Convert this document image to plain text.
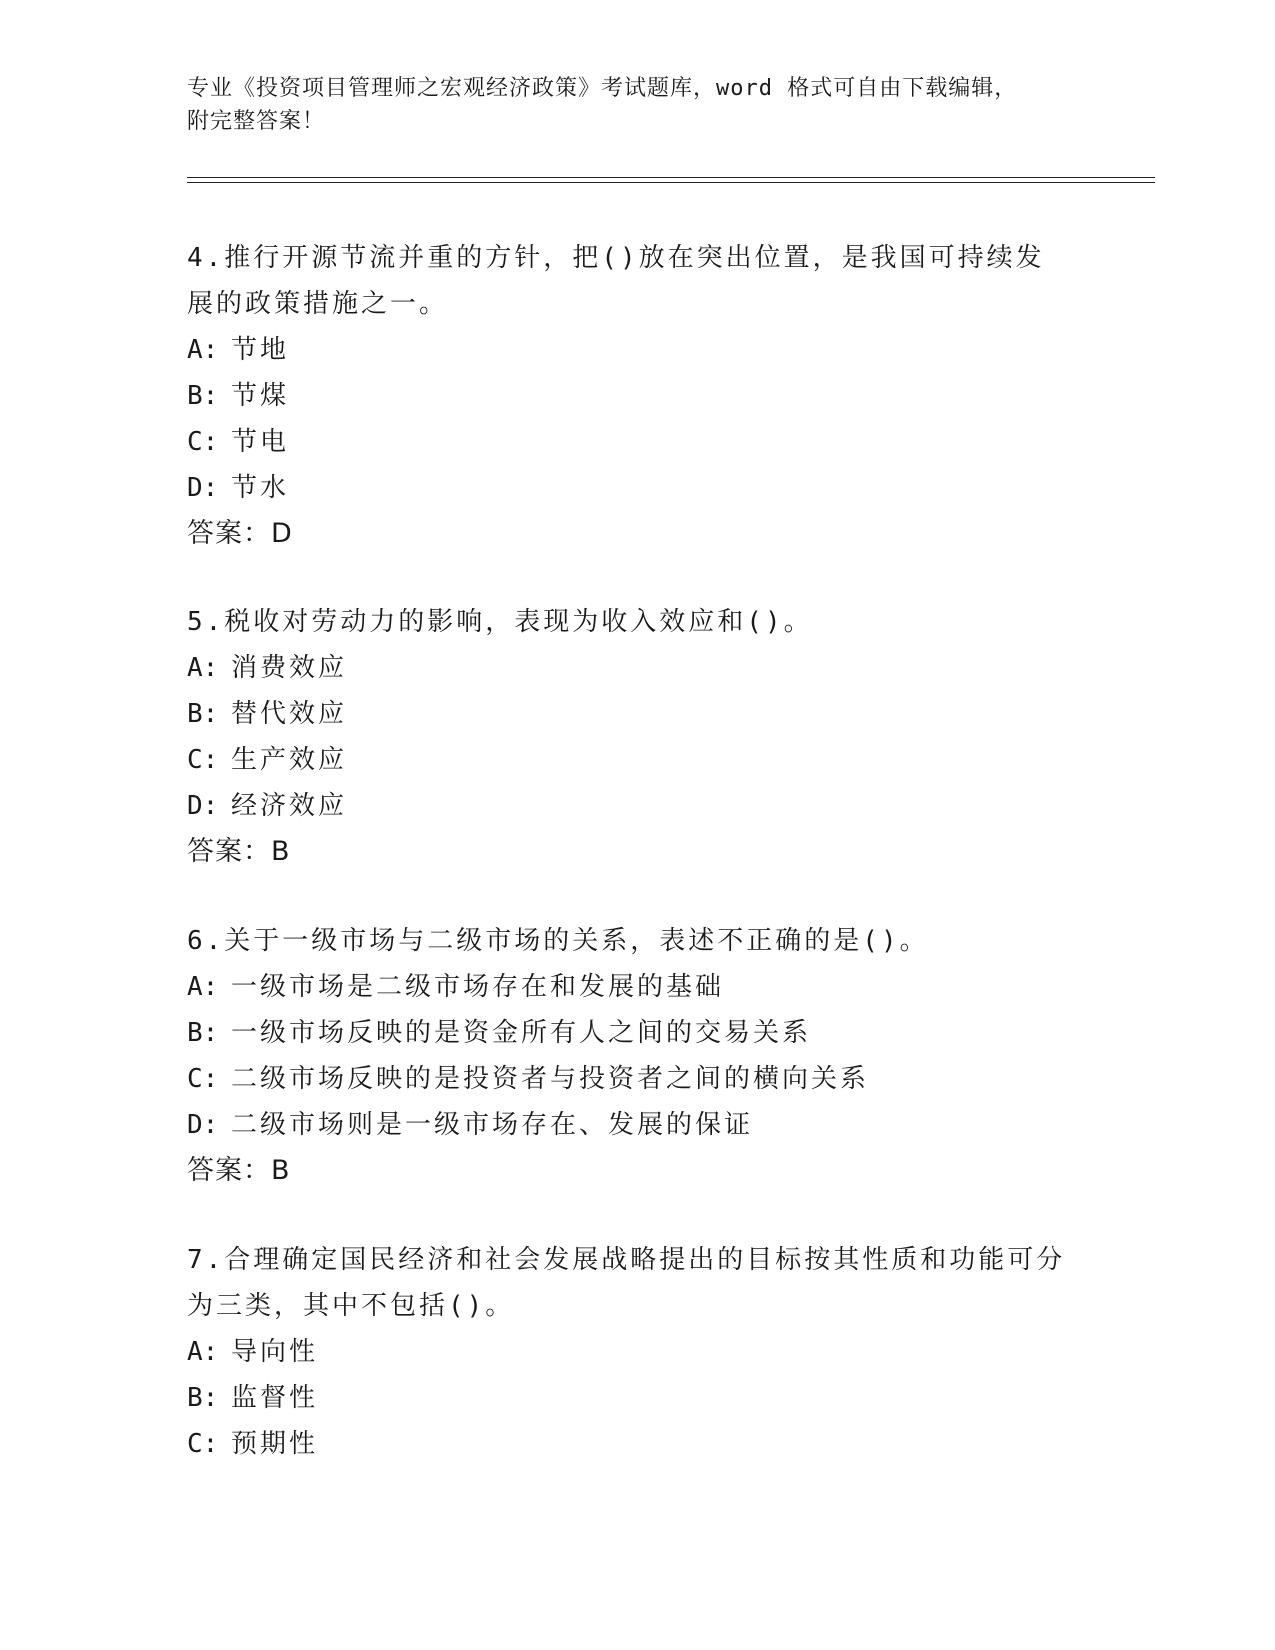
专业《投资项目管理师之宏观经济政策》考试题库，word 格式可自由下载编辑，
附完整答案！

4.推行开源节流并重的方针，把()放在突出位置，是我国可持续发展的政策措施之一。

A: 节地

B: 节煤

C: 节电

D: 节水

答案：D

5.税收对劳动力的影响，表现为收入效应和()。

A: 消费效应

B: 替代效应

C: 生产效应

D: 经济效应

答案：B

6.关于一级市场与二级市场的关系，表述不正确的是()。

A: 一级市场是二级市场存在和发展的基础

B: 一级市场反映的是资金所有人之间的交易关系

C: 二级市场反映的是投资者与投资者之间的横向关系

D: 二级市场则是一级市场存在、发展的保证

答案：B

7.合理确定国民经济和社会发展战略提出的目标按其性质和功能可分为三类，其中不包括()。

A: 导向性

B: 监督性

C: 预期性
